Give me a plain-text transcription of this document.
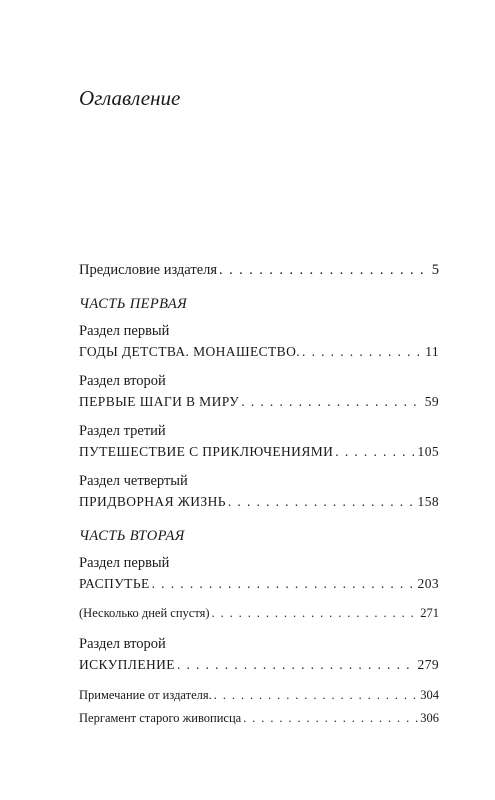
Оглавление
Предисловие издателя . . .	5

ЧАСТЬ ПЕРВАЯ

Раздел первый

ГОДЫ ДЕТСТВА. МОНАШЕСТВО. . . .	11

Раздел второй

ПЕРВЫЕ ШАГИ В МИРУ . . .	59

Раздел третий

ПУТЕШЕСТВИЕ С ПРИКЛЮЧЕНИЯМИ . . .	105

Раздел четвертый

ПРИДВОРНАЯ ЖИЗНЬ . . .	158

ЧАСТЬ ВТОРАЯ

Раздел первый

РАСПУТЬЕ . . .	203
(Несколько дней спустя) . . .	271

Раздел второй

ИСКУПЛЕНИЕ . . .	279
Примечание от издателя. . . .	304
Пергамент старого живописца . . .	306
